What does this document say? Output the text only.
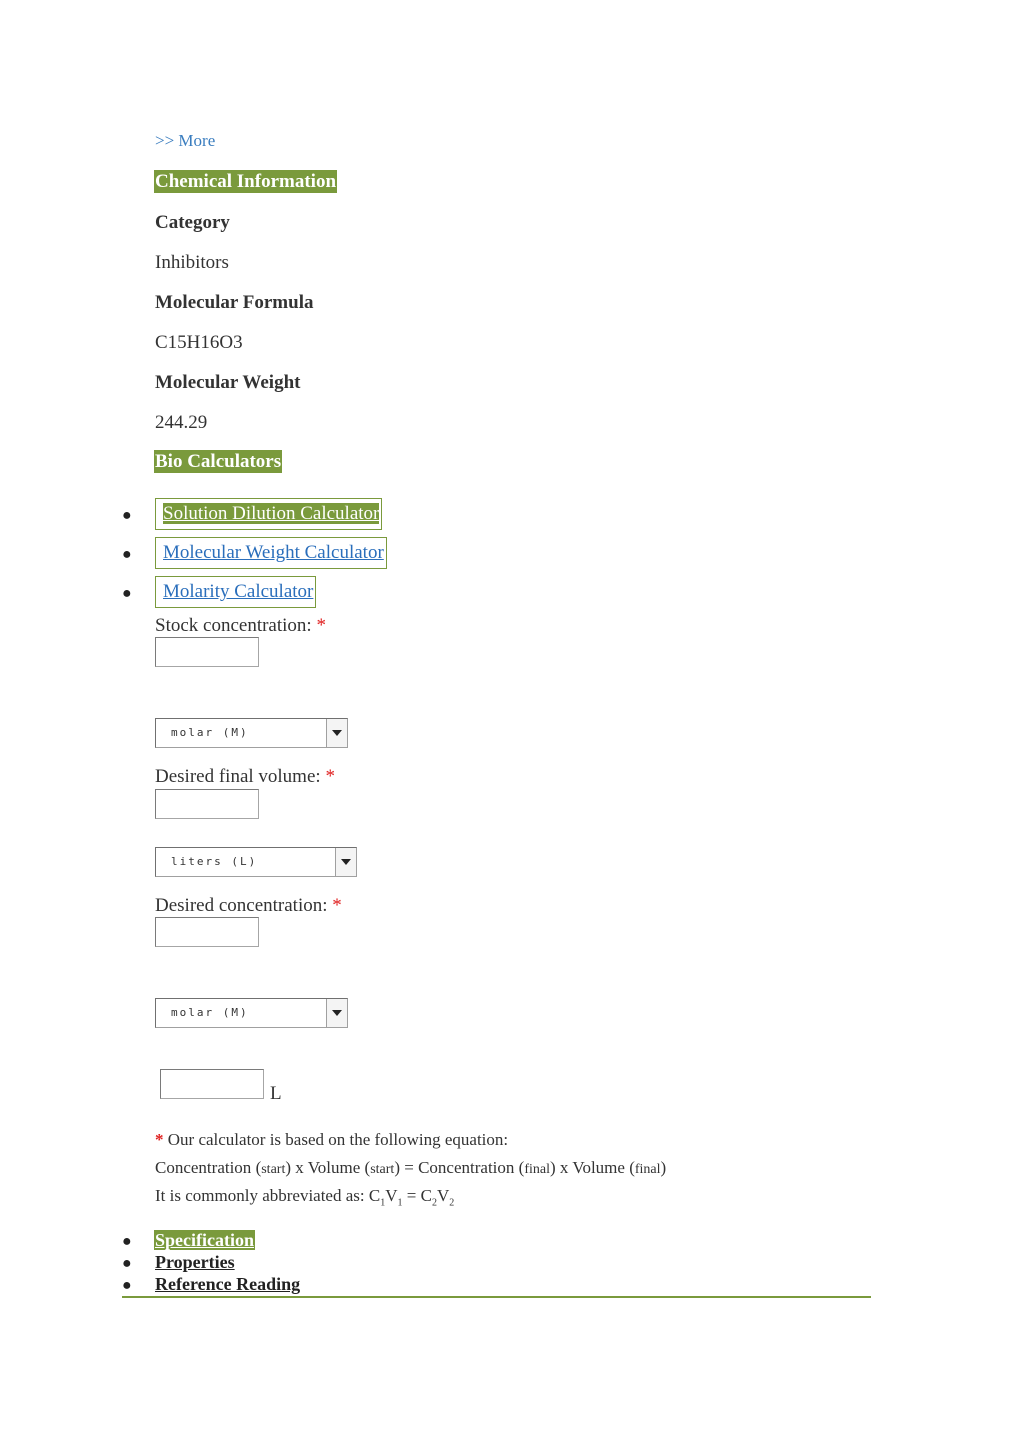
>> More
Chemical Information
Category
Inhibitors
Molecular Formula
C15H16O3
Molecular Weight
244.29
Bio Calculators
●	Solution Dilution Calculator
●	Molecular Weight Calculator
●	Molarity Calculator
Stock concentration: *
molar (M)
Desired final volume: *
liters (L)
Desired concentration: *
molar (M)
L
* Our calculator is based on the following equation:
Concentration (start) x Volume (start) = Concentration (final) x Volume (final)
It is commonly abbreviated as: $C_1V_1 = C_2V_2$
● Specification
● Properties
● Reference Reading
